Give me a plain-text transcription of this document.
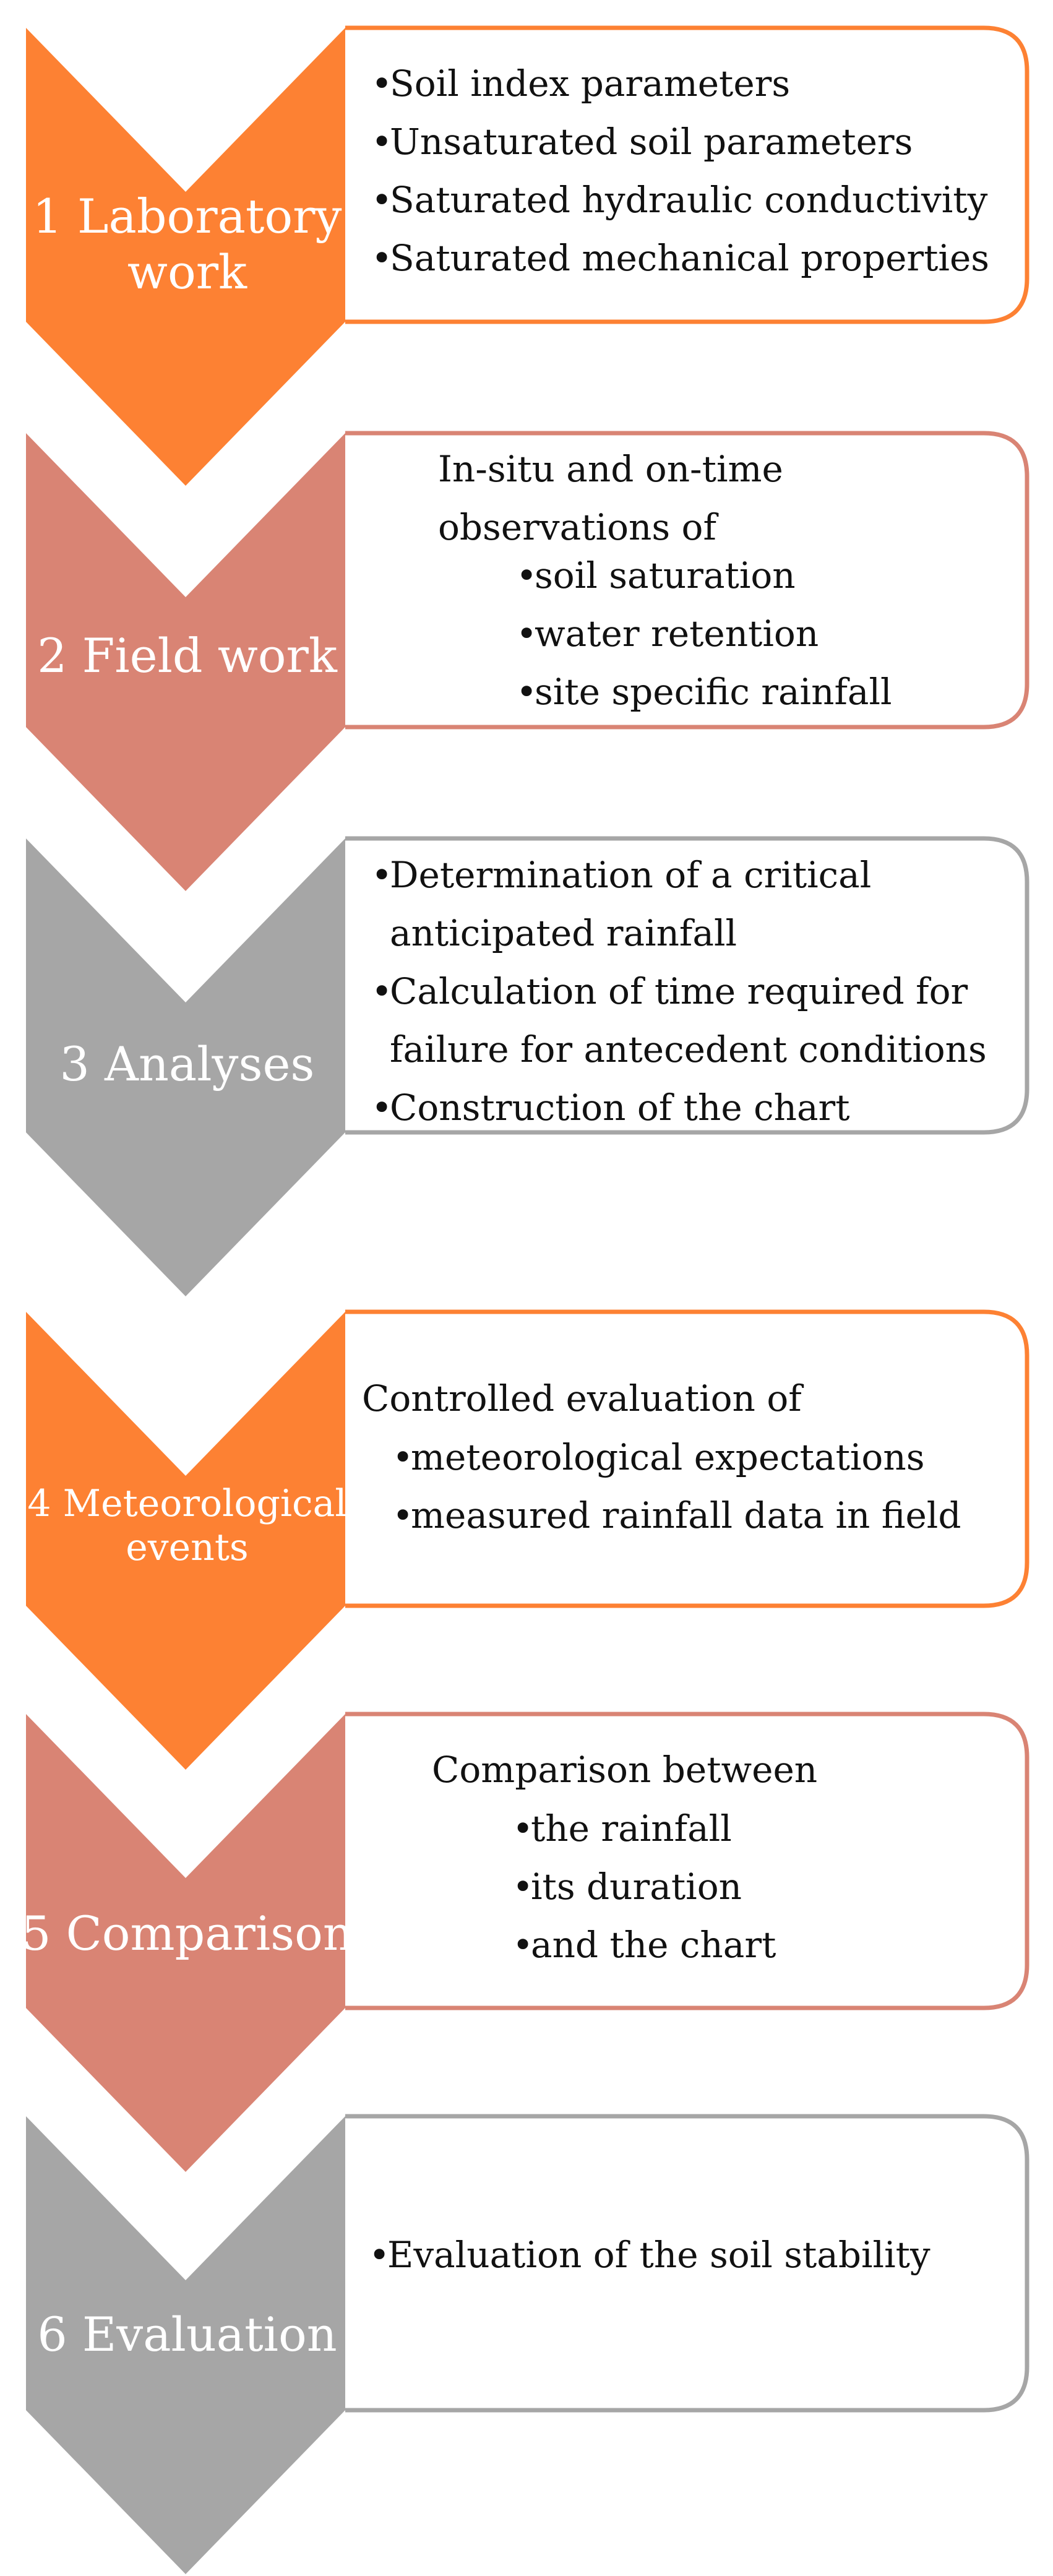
1 Laboratory
work
• Soil index parameters
• Unsaturated soil parameters
• Saturated hydraulic conductivity
• Saturated mechanical properties
2 Field work
In-situ and on-time
observations of
• soil saturation
• water retention
• site specific rainfall
3 Analyses
• Determination of a critical
anticipated rainfall
• Calculation of time required for
failure for antecedent conditions
• Construction of the chart
4 Meteorological
events
Controlled evaluation of
• meteorological expectations
• measured rainfall data in field
5 Comparison
Comparison between
• the rainfall
• its duration
• and the chart
6 Evaluation
• Evaluation of the soil stability
